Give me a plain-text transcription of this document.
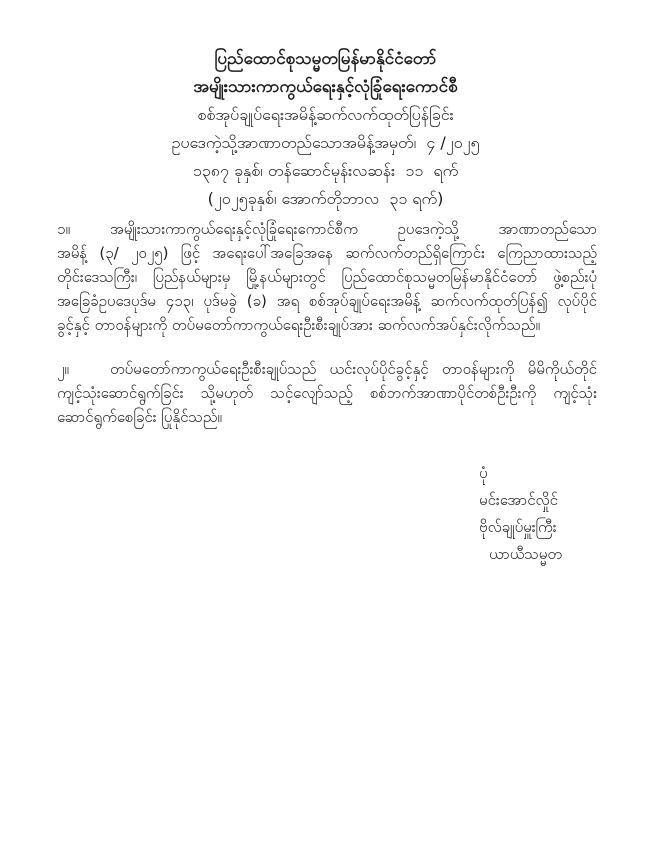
ပြည်ထောင်စုသမ္မတမြန်မာနိုင်ငံတော်
အမျိုးသားကာကွယ်ရေးနှင့်လုံခြုံရေးကောင်စီ
စစ်အုပ်ချုပ်ရေးအမိန့်ဆက်လက်ထုတ်ပြန်ခြင်း
ဥပဒေကဲ့သို့အာဏာတည်သောအမိန့်အမှတ်၊  ၄ /၂၀၂၅
၁၃၈၇ ခုနှစ်၊ တန်ဆောင်မုန်းလဆန်း  ၁၁  ရက်
(၂၀၂၅ခုနှစ်၊ အောက်တိုဘာလ  ၃၁ ရက်)
၁။	အမျိုးသားကာကွယ်ရေးနှင့်လုံခြုံရေးကောင်စီက ဥပဒေကဲ့သို့ အာဏာတည်သော
အမိန့် (၃/ ၂၀၂၅) ဖြင့် အရေးပေါ်အခြေအနေ ဆက်လက်တည်ရှိကြောင်း ကြေညာထားသည့်
တိုင်းဒေသကြီး၊ ပြည်နယ်များမှ မြို့နယ်များတွင် ပြည်ထောင်စုသမ္မတမြန်မာနိုင်ငံတော် ဖွဲ့စည်းပုံ
အခြေခံဥပဒေပုဒ်မ ၄၁၃၊ ပုဒ်မခွဲ (ခ) အရ စစ်အုပ်ချုပ်ရေးအမိန့် ဆက်လက်ထုတ်ပြန်၍ လုပ်ပိုင်
ခွင့်နှင့် တာဝန်များကို တပ်မတော်ကာကွယ်ရေးဦးစီးချုပ်အား ဆက်လက်အပ်နှင်းလိုက်သည်။
၂။	တပ်မတော်ကာကွယ်ရေးဦးစီးချုပ်သည် ယင်းလုပ်ပိုင်ခွင့်နှင့် တာဝန်များကို မိမိကိုယ်တိုင်
ကျင့်သုံးဆောင်ရွက်ခြင်း သို့မဟုတ် သင့်လျော်သည့် စစ်ဘက်အာဏာပိုင်တစ်ဦးဦးကို ကျင့်သုံး
ဆောင်ရွက်စေခြင်း ပြုနိုင်သည်။
ပုံ
မင်းအောင်လှိုင်
ဗိုလ်ချုပ်မှူးကြီး
ယာယီသမ္မတ
